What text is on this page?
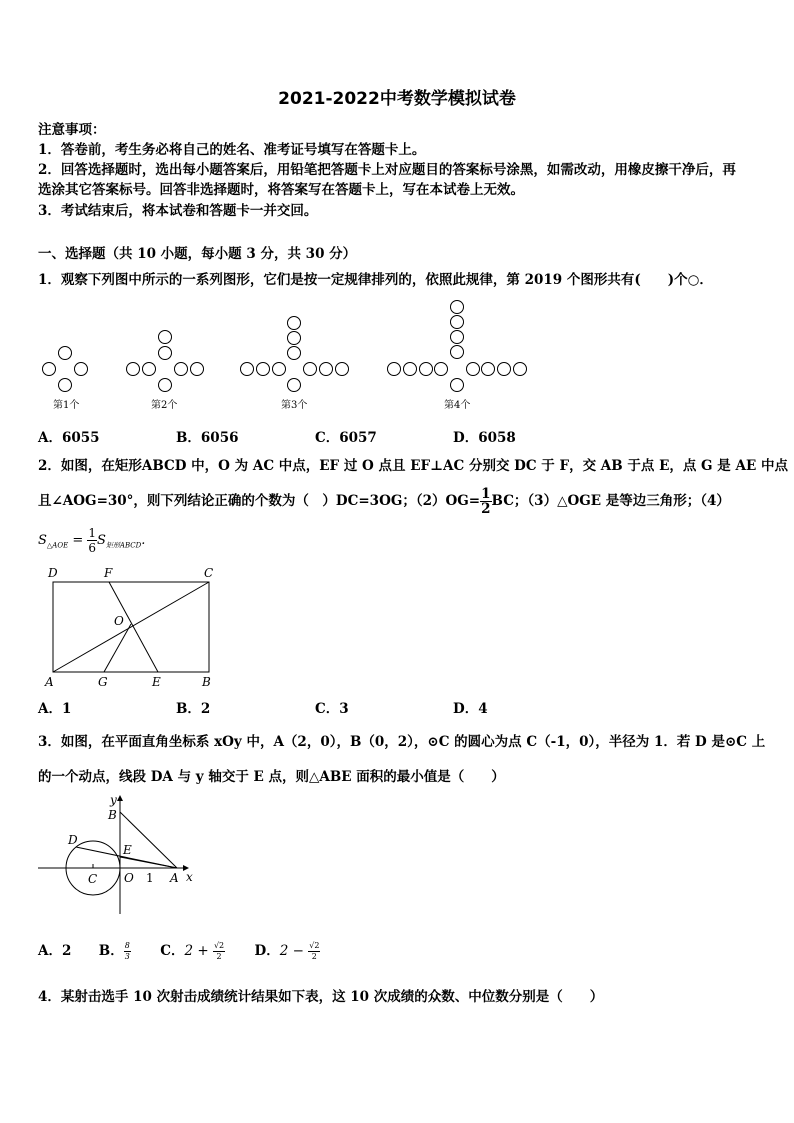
2021-2022中考数学模拟试卷
注意事项：
1．答卷前，考生务必将自己的姓名、准考证号填写在答题卡上。
2．回答选择题时，选出每小题答案后，用铅笔把答题卡上对应题目的答案标号涂黑，如需改动，用橡皮擦干净后，再
选涂其它答案标号。回答非选择题时，将答案写在答题卡上，写在本试卷上无效。
3．考试结束后，将本试卷和答题卡一并交回。
一、选择题（共 10 小题，每小题 3 分，共 30 分）
1．观察下列图中所示的一系列图形，它们是按一定规律排列的，依照此规律，第 2019 个图形共有(　　)个○．
第1个	第2个	第3个	第4个
A．6055	B．6056	C．6057	D．6058
2．如图，在矩形ABCD 中，O 为 AC 中点，EF 过 O 点且 EF⊥AC 分别交 DC 于 F，交 AB 于点 E，点 G 是 AE 中点
且∠AOG=30°，则下列结论正确的个数为（　）DC=3OG；$(2)OG= \frac{1}{2}$ BC；（3）△OGE 是等边三角形；（4）
$S_{\triangle AOE} = \frac{1}{6} S_{矩形ABCD}$.
D	F	C
O
A	G	E	B
A．1	B．2	C．3	D．4
3．如图，在平面直角坐标系 xOy 中，A（2，0），B（0，2），⊙C 的圆心为点 C（-1，0），半径为 1．若 D 是⊙C 上
的一个动点，线段 DA 与 y 轴交于 E 点，则△ABE 面积的最小值是（　　）
y
x
B
D
E
C O 1 A
A．2 B． $\frac{8}{3}$ C．$2 + \frac{√2}{2}$ D．$2 - \frac{√2}{2}$
4．某射击选手 10 次射击成绩统计结果如下表，这 10 次成绩的众数、中位数分别是（　　）
